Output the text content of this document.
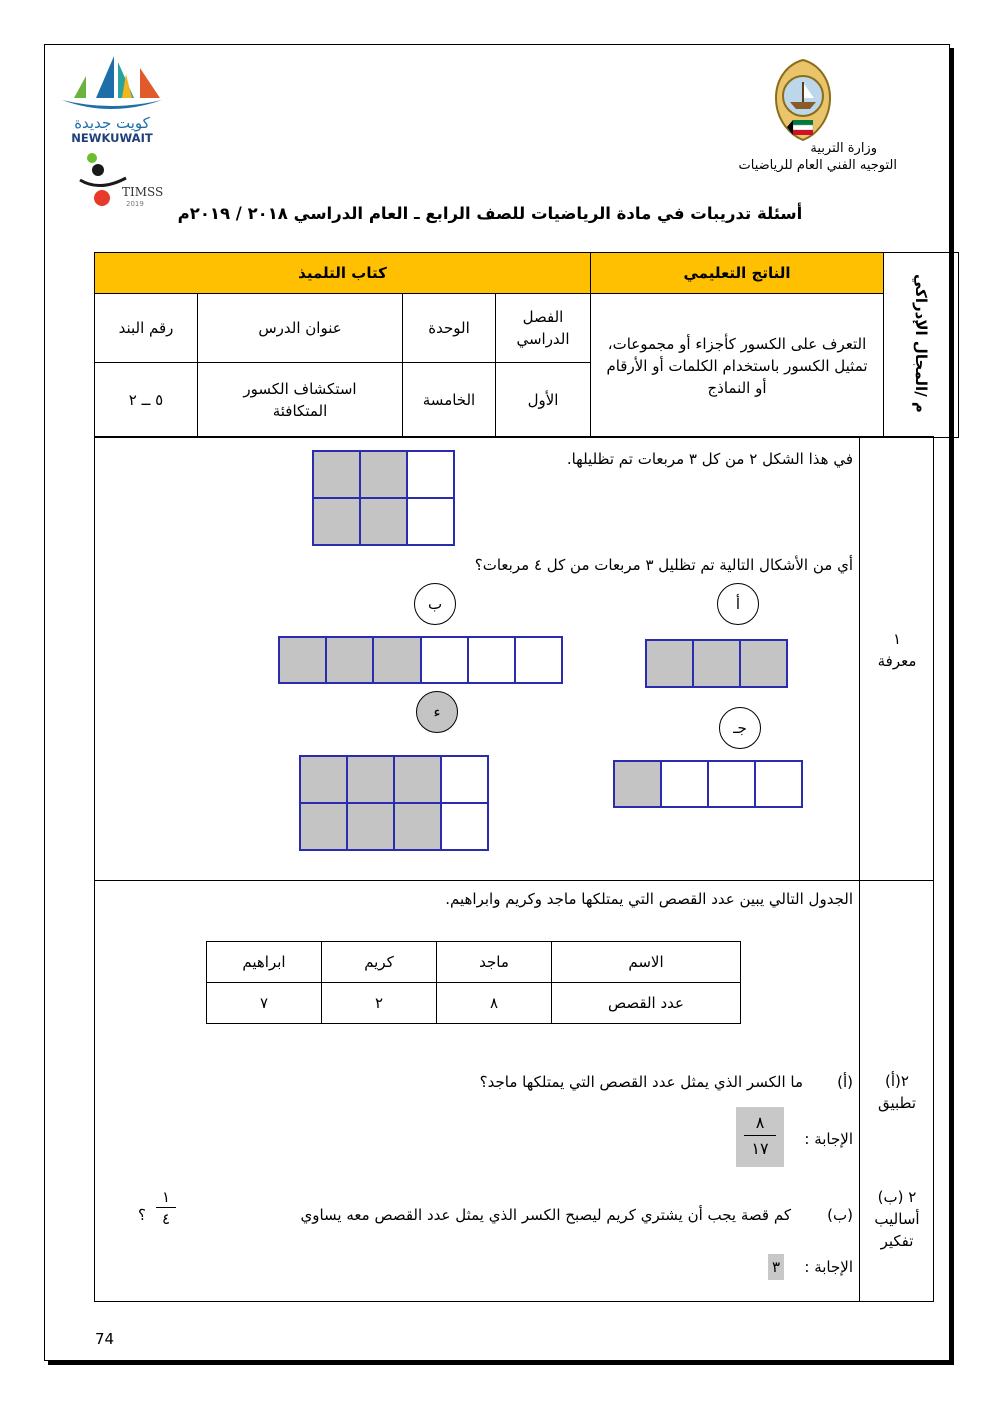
وزارة التربية
التوجيه الفني العام للرياضيات
كويت جديدة
NEWKUWAIT
TIMSS
2019	أسئلة تدريبات في مادة الرياضيات للصف الرابع ـ العام الدراسي ٢٠١٨ / ٢٠١٩م
م /المجال الإدراكي	الناتج التعليمي	كتاب التلميذ			
	التعرف على الكسور كأجزاء أو مجموعات، تمثيل الكسور باستخدام الكلمات أو الأرقام أو النماذج	الفصل الدراسي	الوحدة	عنوان الدرس	رقم البند
		الأول	الخامسة	استكشاف الكسور المتكافئة	٥ ــ ٢
١
معرفة
في هذا الشكل ٢ من كل ٣ مربعات تم تظليلها.
أي من الأشكال التالية تم تظليل ٣ مربعات من كل ٤ مربعات؟
أ
ب
جـ
ء
الجدول التالي يبين عدد القصص التي يمتلكها ماجد وكريم وابراهيم.
الاسم	ماجد	كريم	ابراهيم
عدد القصص	٨	٢	٧
٢(أ)
تطبيق
(أ)
ما الكسر الذي يمثل عدد القصص التي يمتلكها ماجد؟
الإجابة :
٨
١٧
٢ (ب)
أساليب تفكير
(ب)
كم قصة يجب أن يشتري كريم ليصبح الكسر الذي يمثل عدد القصص معه يساوي
١
٤
؟
الإجابة :
٣
74
